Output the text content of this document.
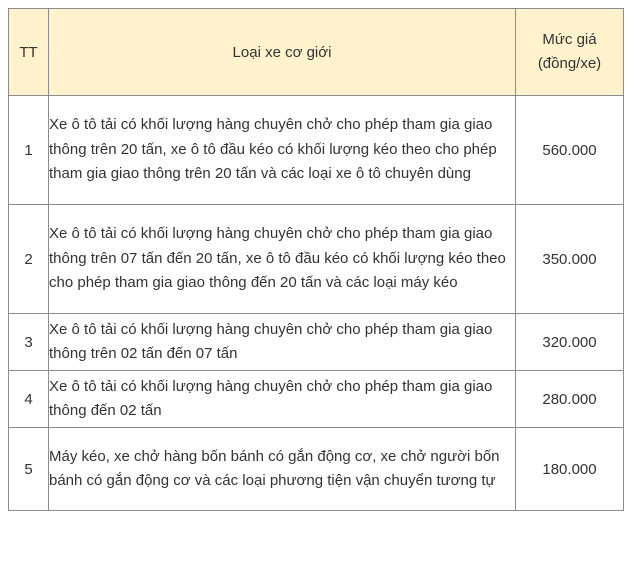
TT	Loại xe cơ giới	Mức giá
(đồng/xe)

1	Xe ô tô tải có khối lượng hàng chuyên chở cho phép tham gia giao thông trên 20 tấn, xe ô tô đầu kéo có khối lượng kéo theo cho phép tham gia giao thông trên 20 tấn và các loại xe ô tô chuyên dùng	560.000
2	Xe ô tô tải có khối lượng hàng chuyên chở cho phép tham gia giao thông trên 07 tấn đến 20 tấn, xe ô tô đầu kéo có khối lượng kéo theo cho phép tham gia giao thông đến 20 tấn và các loại máy kéo	350.000
3	Xe ô tô tải có khối lượng hàng chuyên chở cho phép tham gia giao thông trên 02 tấn đến 07 tấn	320.000
4	Xe ô tô tải có khối lượng hàng chuyên chở cho phép tham gia giao thông đến 02 tấn	280.000
5	Máy kéo, xe chở hàng bốn bánh có gắn động cơ, xe chở người bốn bánh có gắn động cơ và các loại phương tiện vận chuyển tương tự	180.000
